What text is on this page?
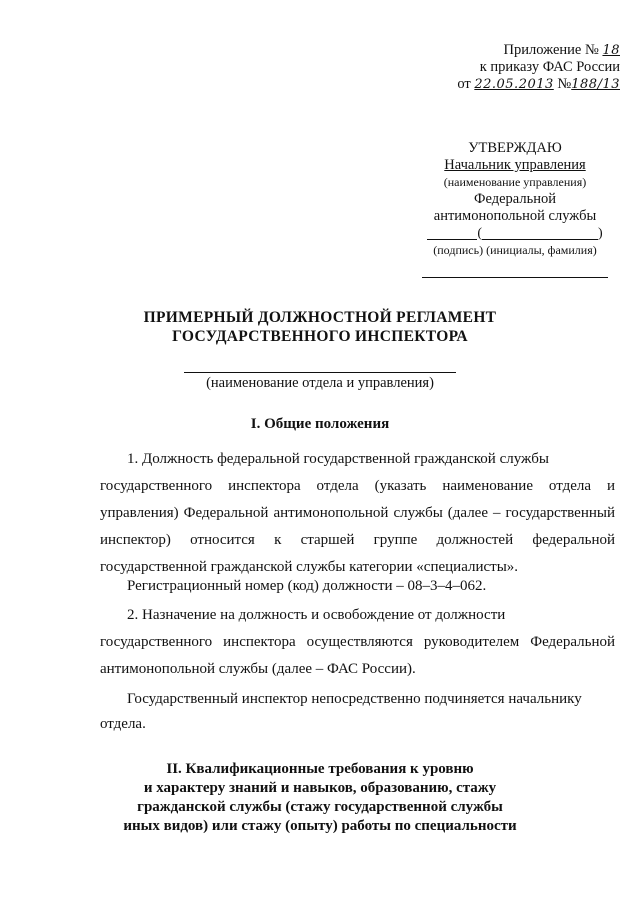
Приложение № 18
к приказу ФАС России
от 22.05.2013 №188/13
УТВЕРЖДАЮ
Начальник управления
(наименование управления)
Федеральной
антимонопольной службы
(	)
(подпись) (инициалы, фамилия)
ПРИМЕРНЫЙ ДОЛЖНОСТНОЙ РЕГЛАМЕНТ
ГОСУДАРСТВЕННОГО ИНСПЕКТОРА
(наименование отдела и управления)
I. Общие положения
1. Должность федеральной государственной гражданской службы
государственного инспектора отдела (указать наименование отдела и управления) Федеральной антимонопольной службы (далее – государственный инспектор) относится к старшей группе должностей федеральной государственной гражданской службы категории «специалисты».
Регистрационный номер (код) должности – 08–3–4–062.
2. Назначение на должность и освобождение от должности
государственного инспектора осуществляются руководителем Федеральной антимонопольной службы (далее – ФАС России).
Государственный инспектор непосредственно подчиняется начальнику
отдела.
II. Квалификационные требования к уровню
и характеру знаний и навыков, образованию, стажу
гражданской службы (стажу государственной службы
иных видов) или стажу (опыту) работы по специальности
